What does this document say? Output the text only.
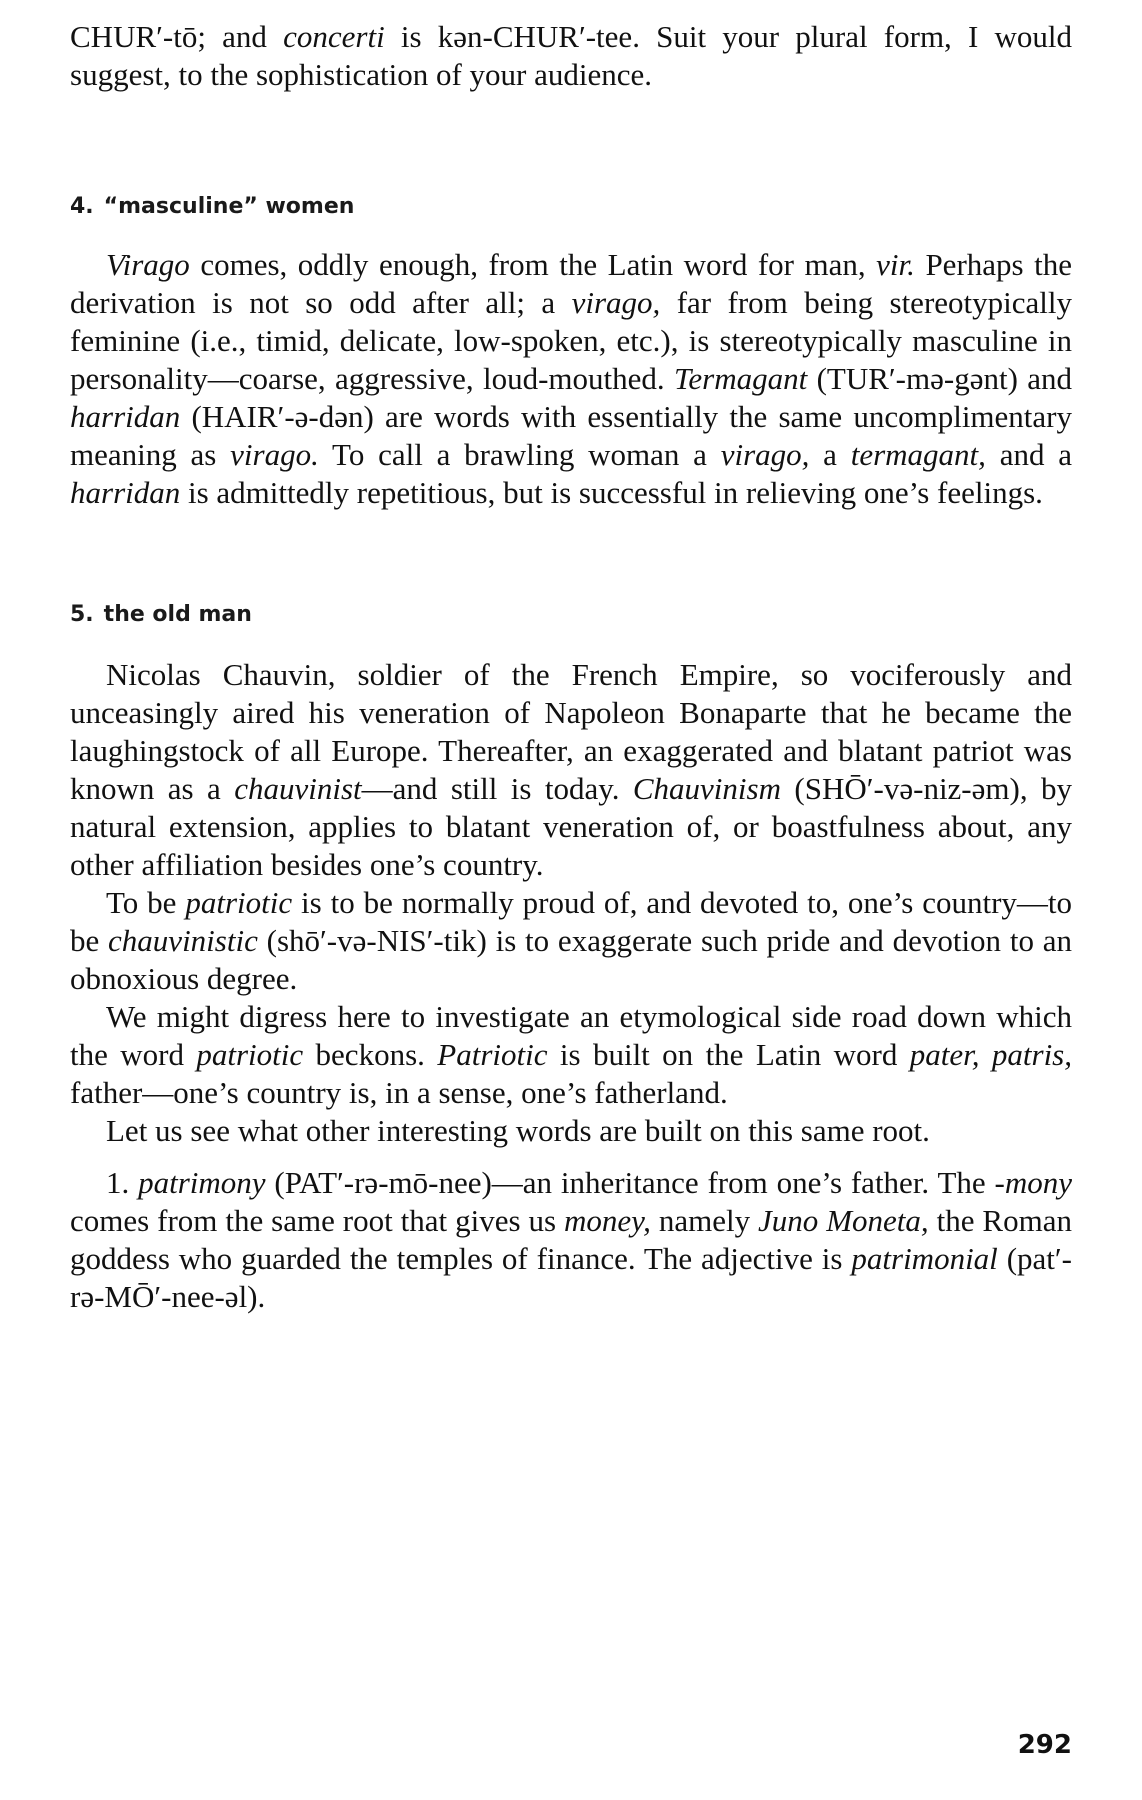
CHUR′-tō; and concerti is kən-CHUR′-tee. Suit your plural form, I would suggest, to the sophistication of your audience.

4. “masculine” women

Virago comes, oddly enough, from the Latin word for man, vir. Perhaps the derivation is not so odd after all; a virago, far from being stereotypically feminine (i.e., timid, delicate, low-spoken, etc.), is stereotypically masculine in personality—coarse, aggressive, loud-mouthed. Termagant (TUR′-mə-gənt) and harridan (HAIR′-ə-dən) are words with essentially the same uncomplimentary meaning as virago. To call a brawling woman a virago, a termagant, and a harridan is admittedly repetitious, but is successful in relieving one’s feelings.

5. the old man

Nicolas Chauvin, soldier of the French Empire, so vociferously and unceasingly aired his veneration of Napoleon Bonaparte that he became the laughingstock of all Europe. Thereafter, an exaggerated and blatant patriot was known as a chauvinist—and still is today. Chauvinism (SHŌ′-və-niz-əm), by natural extension, applies to blatant veneration of, or boastfulness about, any other affiliation besides one’s country.

To be patriotic is to be normally proud of, and devoted to, one’s country—to be chauvinistic (shō′-və-NIS′-tik) is to exaggerate such pride and devotion to an obnoxious degree.

We might digress here to investigate an etymological side road down which the word patriotic beckons. Patriotic is built on the Latin word pater, patris, father—one’s country is, in a sense, one’s fatherland.

Let us see what other interesting words are built on this same root.

1. patrimony (PAT′-rə-mō-nee)—an inheritance from one’s father. The -mony comes from the same root that gives us money, namely Juno Moneta, the Roman goddess who guarded the temples of finance. The adjective is patrimonial (pat′-rə-MŌ′-nee-əl).

292
